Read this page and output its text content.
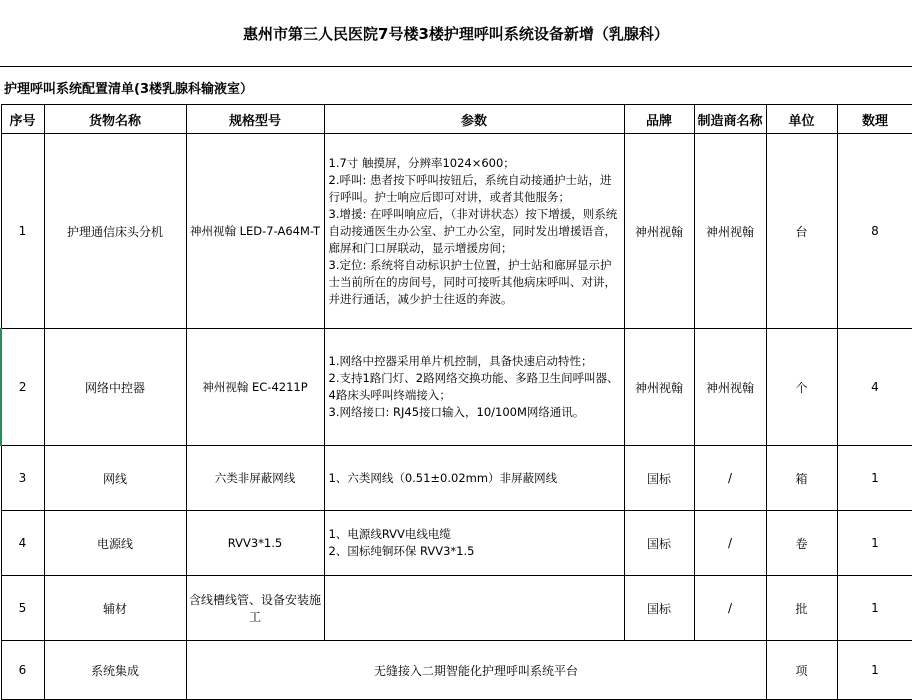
惠州市第三人民医院7号楼3楼护理呼叫系统设备新增（乳腺科）
护理呼叫系统配置清单(3楼乳腺科输液室）
序号	货物名称	规格型号	参数	品牌	制造商名称	单位	数理
1	护理通信床头分机	神州视翰 LED-7-A64M-T	1.7寸 触摸屏，分辨率1024×600；
2.呼叫: 患者按下呼叫按钮后，系统自动接通护士站，进行呼叫。护士响应后即可对讲，或者其他服务；
3.增援: 在呼叫响应后，（非对讲状态）按下增援，则系统自动接通医生办公室、护工办公室，同时发出增援语音，廊屏和门口屏联动，显示增援房间；
3.定位: 系统将自动标识护士位置，护士站和廊屏显示护士当前所在的房间号，同时可接听其他病床呼叫、对讲，并进行通话，减少护士往返的奔波。	神州视翰	神州视翰	台	8
2	网络中控器	神州视翰 EC-4211P	1.网络中控器采用单片机控制，具备快速启动特性；
2.支持1路门灯、2路网络交换功能、多路卫生间呼叫器、4路床头呼叫终端接入；
3.网络接口: RJ45接口输入，10/100M网络通讯。	神州视翰	神州视翰	个	4
3	网线	六类非屏蔽网线	1、六类网线（0.51±0.02mm）非屏蔽网线	国标	/	箱	1
4	电源线	RVV3*1.5	1、电源线RVV电线电缆
2、国标纯铜环保 RVV3*1.5	国标	/	卷	1
5	辅材	含线槽线管、设备安装施工		国标	/	批	1
6	系统集成	无缝接入二期智能化护理呼叫系统平台				项	1
